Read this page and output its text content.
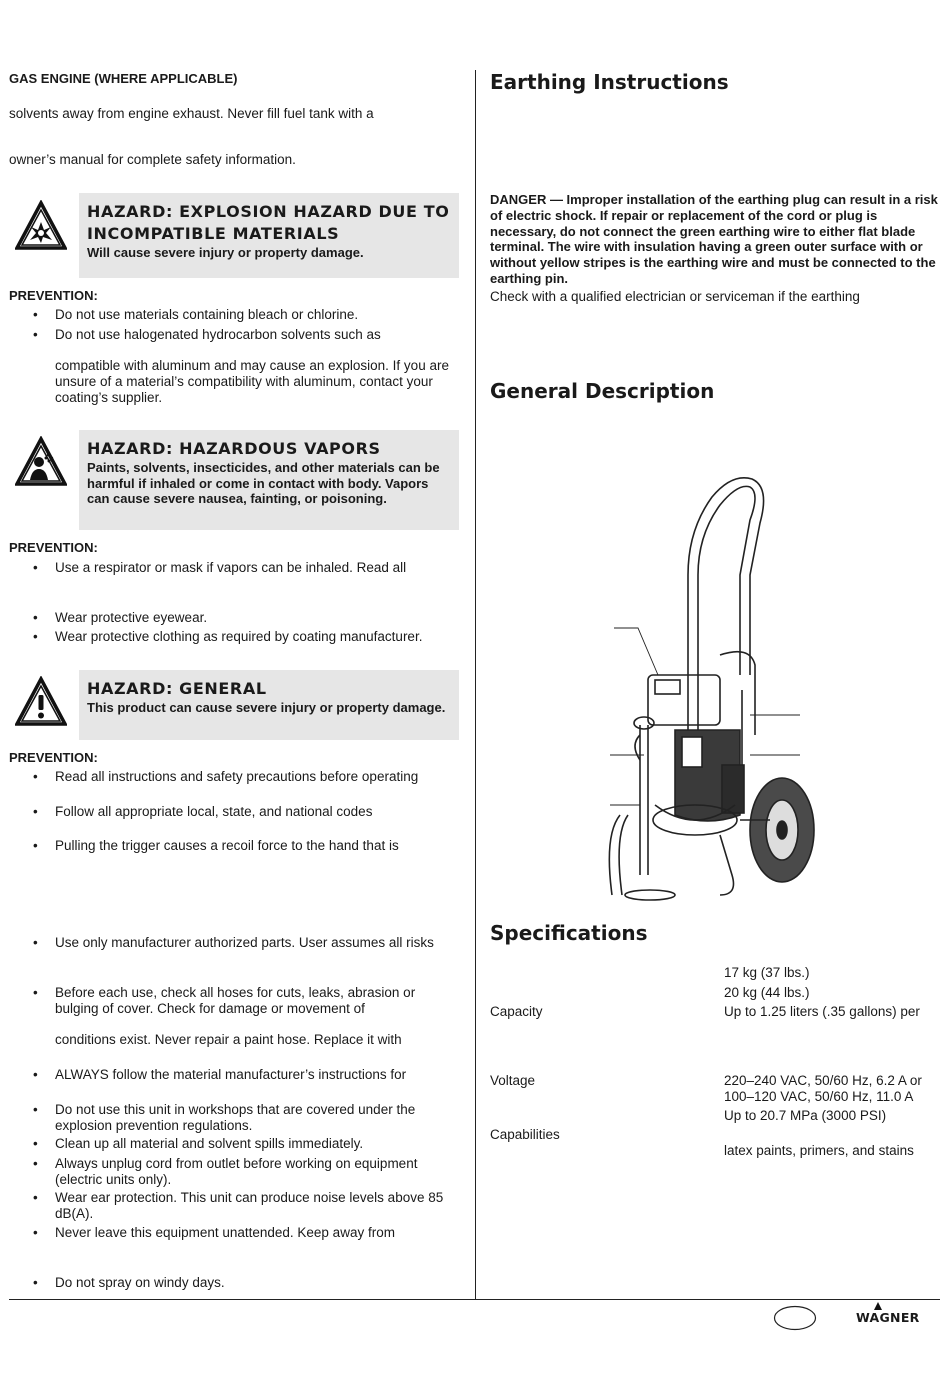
GAS ENGINE (WHERE APPLICABLE)
solvents away from engine exhaust. Never fill fuel tank with a
owner’s manual for complete safety information.
HAZARD: EXPLOSION HAZARD DUE TO INCOMPATIBLE MATERIALS
Will cause severe injury or property damage.
PREVENTION:
• Do not use materials containing bleach or chlorine.
• Do not use halogenated hydrocarbon solvents such as
compatible with aluminum and may cause an explosion. If you are unsure of a material’s compatibility with aluminum, contact your coating’s supplier.
HAZARD: HAZARDOUS VAPORS
Paints, solvents, insecticides, and other materials can be harmful if inhaled or come in contact with body. Vapors can cause severe nausea, fainting, or poisoning.
PREVENTION:
• Use a respirator or mask if vapors can be inhaled. Read all
• Wear protective eyewear.
• Wear protective clothing as required by coating manufacturer.
HAZARD: GENERAL
This product can cause severe injury or property damage.
PREVENTION:
• Read all instructions and safety precautions before operating
• Follow all appropriate local, state, and national codes
• Pulling the trigger causes a recoil force to the hand that is
• Use only manufacturer authorized parts. User assumes all risks
• Before each use, check all hoses for cuts, leaks, abrasion or bulging of cover. Check for damage or movement of
conditions exist. Never repair a paint hose. Replace it with
• ALWAYS follow the material manufacturer’s instructions for
• Do not use this unit in workshops that are covered under the explosion prevention regulations.
• Clean up all material and solvent spills immediately.
• Always unplug cord from outlet before working on equipment (electric units only).
• Wear ear protection. This unit can produce noise levels above 85 dB(A).
• Never leave this equipment unattended. Keep away from
• Do not spray on windy days.
Earthing Instructions
DANGER — Improper installation of the earthing plug can result in a risk of electric shock. If repair or replacement of the cord or plug is necessary, do not connect the green earthing wire to either flat blade terminal. The wire with insulation having a green outer surface with or without yellow stripes is the earthing wire and must be connected to the earthing pin.
Check with a qualified electrician or serviceman if the earthing
General Description
Specifications
17 kg (37 lbs.)
20 kg (44 lbs.)
Capacity	Up to 1.25 liters (.35 gallons) per
Voltage	220–240 VAC, 50/60 Hz, 6.2 A or 100–120 VAC, 50/60 Hz, 11.0 A
Up to 20.7 MPa (3000 PSI)
Capabilities
latex paints, primers, and stains
WAGNER
